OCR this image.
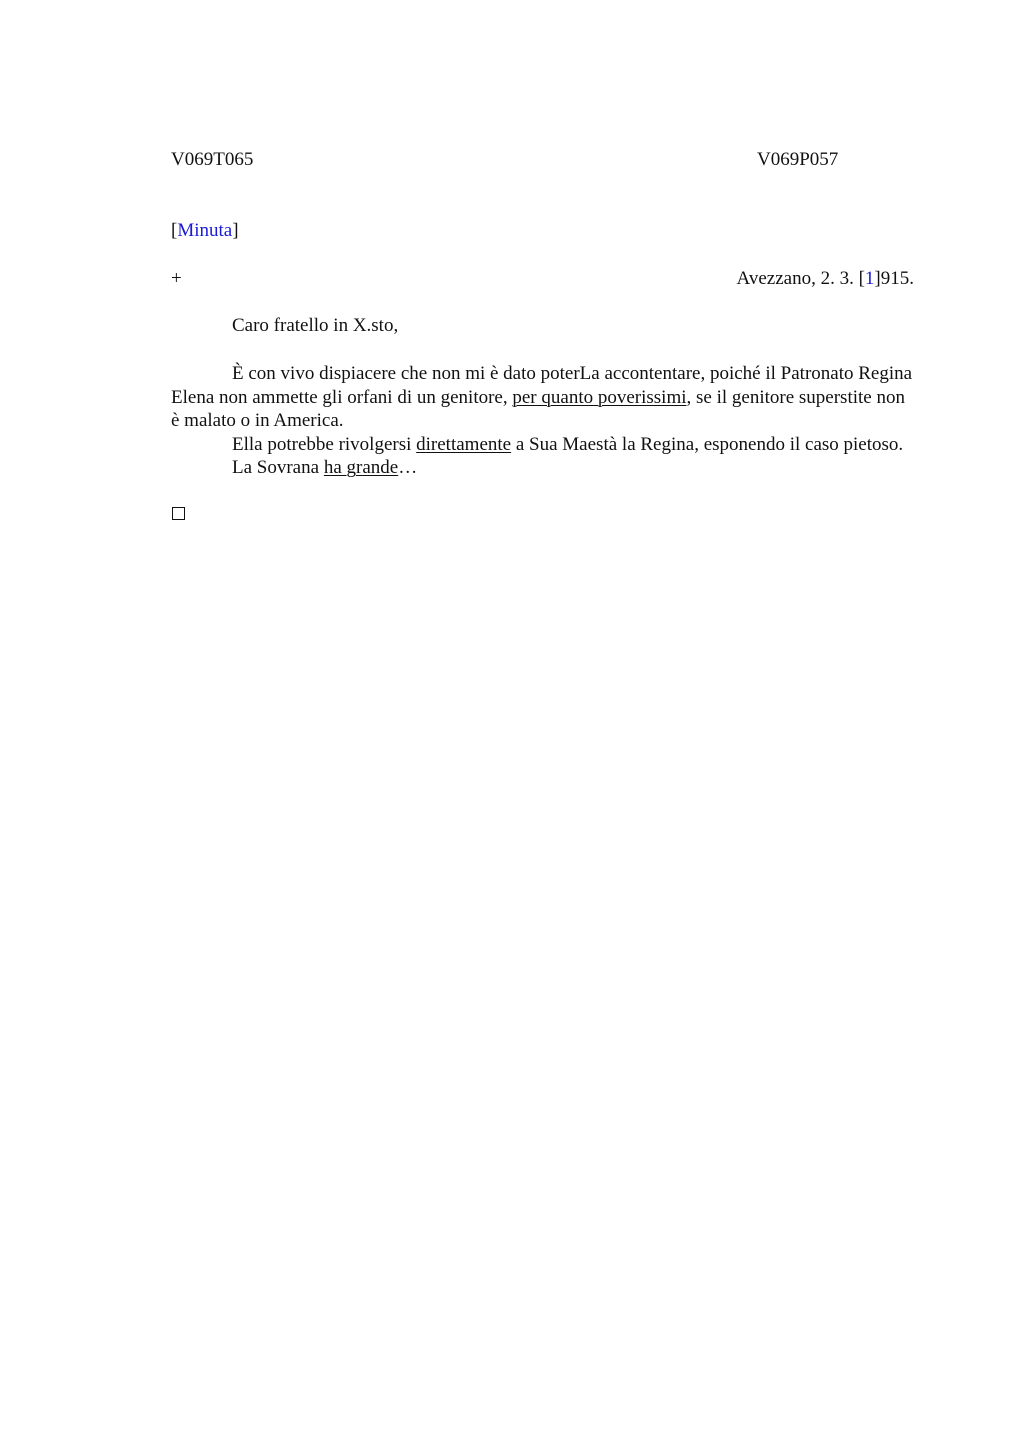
V069T065	V069P057
[Minuta]
+	Avezzano, 2. 3. [1]915.
Caro fratello in X.sto,

È con vivo dispiacere che non mi è dato poterLa accontentare, poiché il Patronato Regina Elena non ammette gli orfani di un genitore, per quanto poverissimi, se il genitore superstite non è malato o in America.

Ella potrebbe rivolgersi direttamente a Sua Maestà la Regina, esponendo il caso pietoso.

La Sovrana ha grande…
